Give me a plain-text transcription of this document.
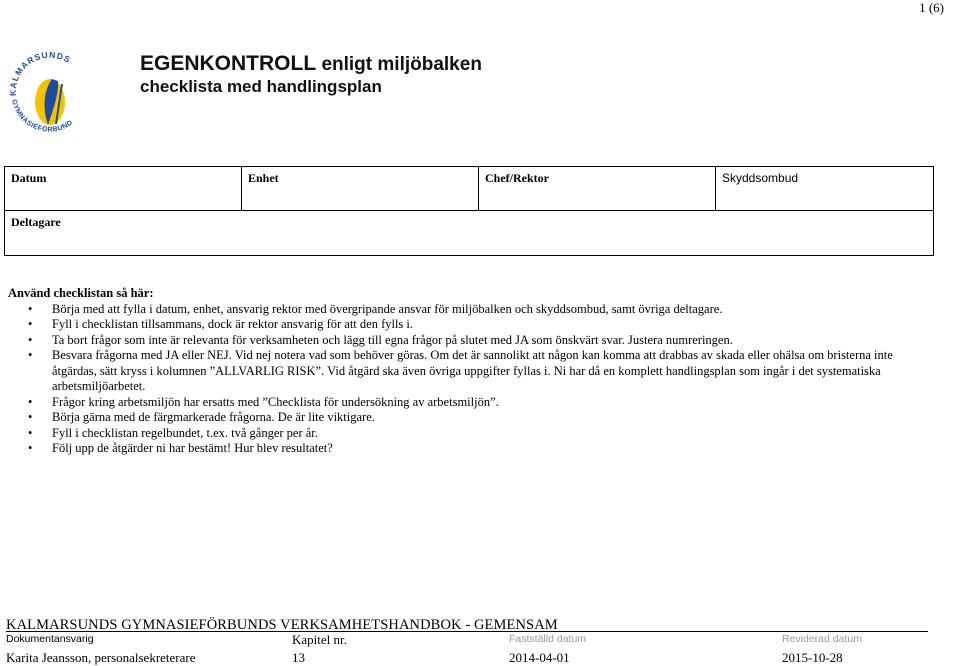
1 (6)
KALMARSUNDS
GYMNASIEFÖRBUND
EGENKONTROLL enligt miljöbalken
checklista med handlingsplan
Datum	Enhet	Chef/Rektor	Skyddsombud
Deltagare
Använd checklistan så här:
• Börja med att fylla i datum, enhet, ansvarig rektor med övergripande ansvar för miljöbalken och skyddsombud, samt övriga deltagare.
• Fyll i checklistan tillsammans, dock är rektor ansvarig för att den fylls i.
• Ta bort frågor som inte är relevanta för verksamheten och lägg till egna frågor på slutet med JA som önskvärt svar. Justera numreringen.
• Besvara frågorna med JA eller NEJ. Vid nej notera vad som behöver göras. Om det är sannolikt att någon kan komma att drabbas av skada eller ohälsa om bristerna inte åtgärdas, sätt kryss i kolumnen ”ALLVARLIG RISK”. Vid åtgärd ska även övriga uppgifter fyllas i. Ni har då en komplett handlingsplan som ingår i det systematiska arbetsmiljöarbetet.
• Frågor kring arbetsmiljön har ersatts med ”Checklista för undersökning av arbetsmiljön”.
• Börja gärna med de färgmarkerade frågorna. De är lite viktigare.
• Fyll i checklistan regelbundet, t.ex. två gånger per år.
• Följ upp de åtgärder ni har bestämt! Hur blev resultatet?
KALMARSUNDS GYMNASIEFÖRBUNDS VERKSAMHETSHANDBOK - GEMENSAM
Dokumentansvarig	Kapitel nr.	Fastställd datum	Reviderad datum
Karita Jeansson, personalsekreterare	13	2014-04-01	2015-10-28
